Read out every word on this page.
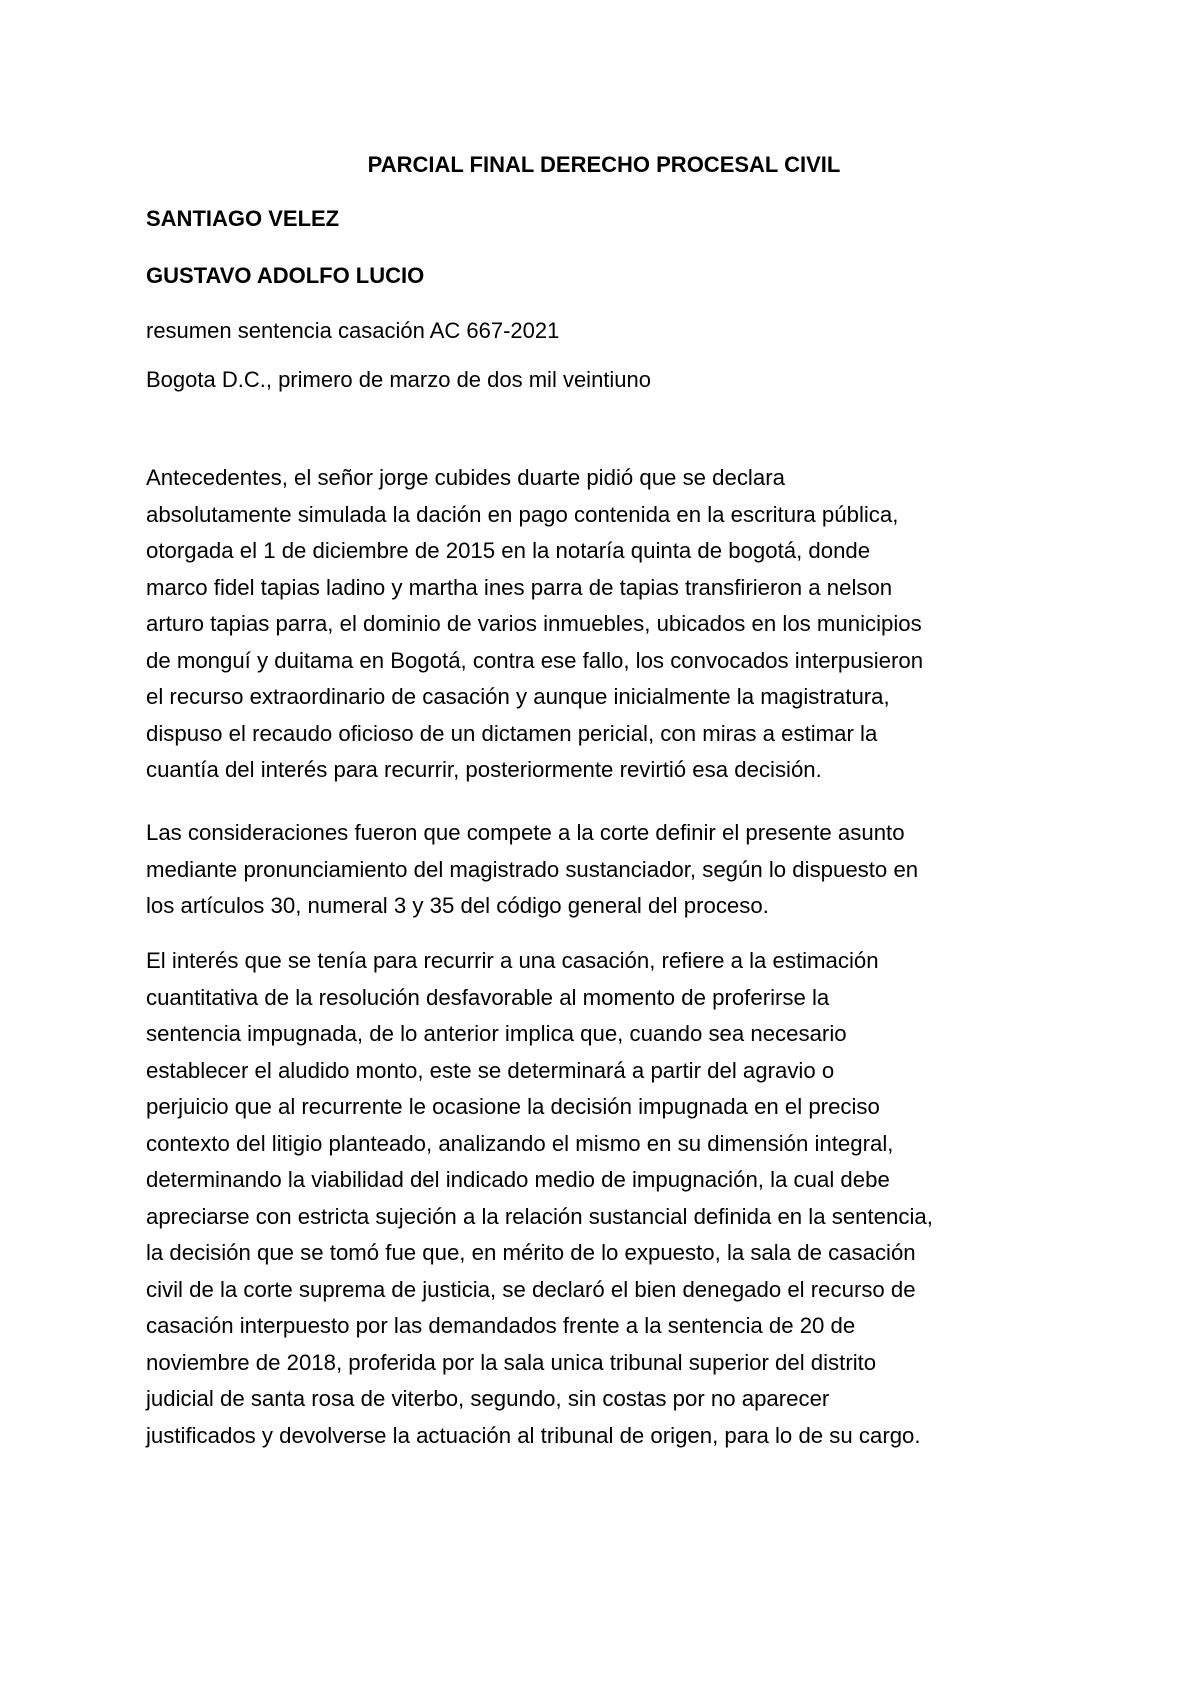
PARCIAL FINAL DERECHO PROCESAL CIVIL
SANTIAGO VELEZ
GUSTAVO ADOLFO LUCIO
resumen sentencia casación AC 667-2021
Bogota D.C., primero de marzo de dos mil veintiuno

Antecedentes, el señor jorge cubides duarte pidió que se declara
absolutamente simulada la dación en pago contenida en la escritura pública,
otorgada el 1 de diciembre de 2015 en la notaría quinta de bogotá, donde
marco fidel tapias ladino y martha ines parra de tapias transfirieron a nelson
arturo tapias parra, el dominio de varios inmuebles, ubicados en los municipios
de monguí y duitama en Bogotá, contra ese fallo, los convocados interpusieron
el recurso extraordinario de casación y aunque inicialmente la magistratura,
dispuso el recaudo oficioso de un dictamen pericial, con miras a estimar la
cuantía del interés para recurrir, posteriormente revirtió esa decisión.

Las consideraciones fueron que compete a la corte definir el presente asunto
mediante pronunciamiento del magistrado sustanciador, según lo dispuesto en
los artículos 30, numeral 3 y 35 del código general del proceso.

El interés que se tenía para recurrir a una casación, refiere a la estimación
cuantitativa de la resolución desfavorable al momento de proferirse la
sentencia impugnada, de lo anterior implica que, cuando sea necesario
establecer el aludido monto, este se determinará a partir del agravio o
perjuicio que al recurrente le ocasione la decisión impugnada en el preciso
contexto del litigio planteado, analizando el mismo en su dimensión integral,
determinando la viabilidad del indicado medio de impugnación, la cual debe
apreciarse con estricta sujeción a la relación sustancial definida en la sentencia,
la decisión que se tomó fue que, en mérito de lo expuesto, la sala de casación
civil de la corte suprema de justicia, se declaró el bien denegado el recurso de
casación interpuesto por las demandados frente a la sentencia de 20 de
noviembre de 2018, proferida por la sala unica tribunal superior del distrito
judicial de santa rosa de viterbo, segundo, sin costas por no aparecer
justificados y devolverse la actuación al tribunal de origen, para lo de su cargo.
